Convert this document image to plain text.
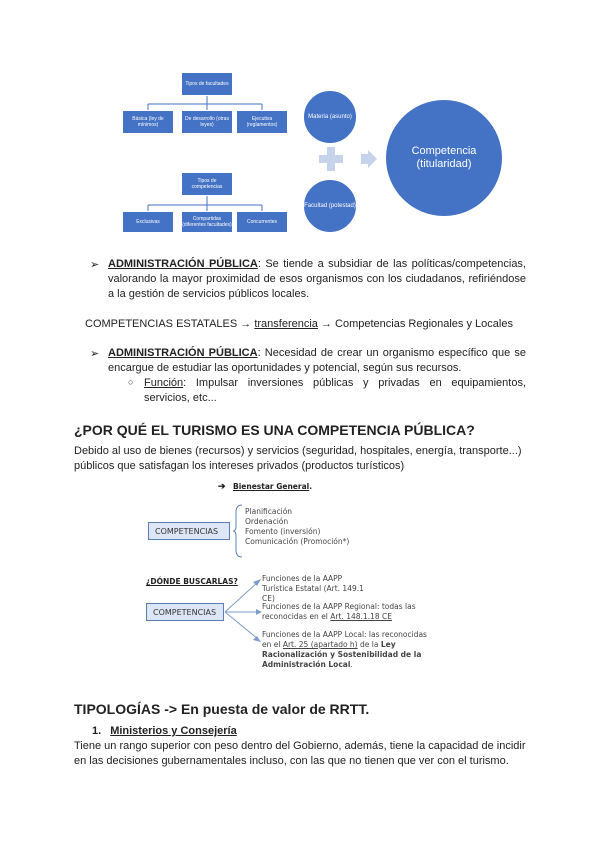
Tipos de facultades
Básica (ley de mínimos)
De desarrollo (otras leyes)
Ejecutiva (reglamentos)
Tipos de competencias
Exclusivas	Compartidas (diferentes facultades)	Concurrentes
Materia (asunto)
Facultad (potestad)
Competencia (titularidad)
➢ ADMINISTRACIÓN PÚBLICA: Se tiende a subsidiar de las políticas/competencias, valorando la mayor proximidad de esos organismos con los ciudadanos, refiriéndose a la gestión de servicios públicos locales.
COMPETENCIAS ESTATALES → transferencia → Competencias Regionales y Locales
➢ ADMINISTRACIÓN PÚBLICA: Necesidad de crear un organismo específico que se encargue de estudiar las oportunidades y potencial, según sus recursos.
○ Función: Impulsar inversiones públicas y privadas en equipamientos, servicios, etc...
¿POR QUÉ EL TURISMO ES UNA COMPETENCIA PÚBLICA?
Debido al uso de bienes (recursos) y servicios (seguridad, hospitales, energía, transporte...) públicos que satisfagan los intereses privados (productos turísticos)
➔ Bienestar General.
COMPETENCIAS
Planificación
Ordenación
Fomento (inversión)
Comunicación (Promoción*)
¿DÓNDE BUSCARLAS?
COMPETENCIAS
Funciones de la AAPP Turística Estatal (Art. 149.1 CE)
Funciones de la AAPP Regional: todas las reconocidas en el Art. 148.1.18 CE
Funciones de la AAPP Local: las reconocidas en el Art. 25 (apartado h) de la Ley Racionalización y Sostenibilidad de la Administración Local.
TIPOLOGÍAS -> En puesta de valor de RRTT.
1. Ministerios y Consejería
Tiene un rango superior con peso dentro del Gobierno, además, tiene la capacidad de incidir en las decisiones gubernamentales incluso, con las que no tienen que ver con el turismo.
